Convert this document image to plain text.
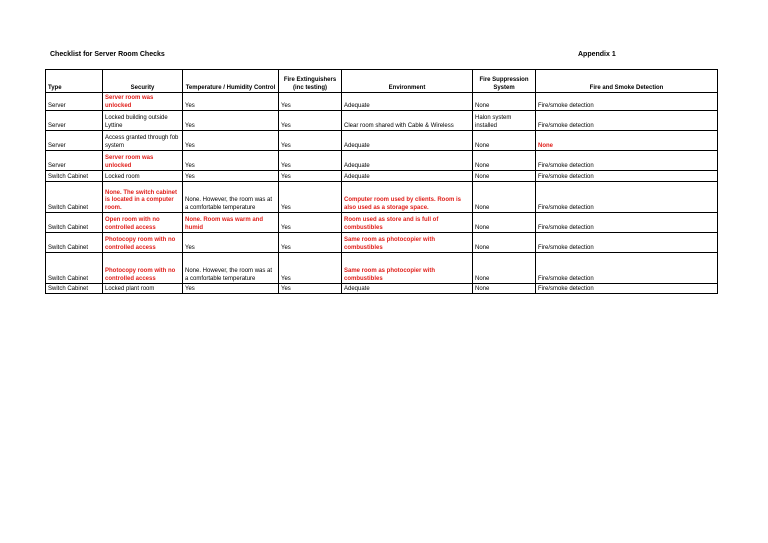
Checklist for Server Room Checks	Appendix 1
Type	Security	Temperature / Humidity Control	Fire Extinguishers (inc testing)	Environment	Fire Suppression System	Fire and Smoke Detection
Server	Server room was unlocked	Yes	Yes	Adequate	None	Fire/smoke detection
Server	Locked building outside Lyttine	Yes	Yes	Clear room shared with Cable & Wireless	Halon system installed	Fire/smoke detection
Server	Access granted through fob system	Yes	Yes	Adequate	None	None
Server	Server room was unlocked	Yes	Yes	Adequate	None	Fire/smoke detection
Switch Cabinet	Locked room	Yes	Yes	Adequate	None	Fire/smoke detection
Switch Cabinet	None. The switch cabinet is located in a computer room.	None. However, the room was at a comfortable temperature	Yes	Computer room used by clients. Room is also used as a storage space.	None	Fire/smoke detection
Switch Cabinet	Open room with no controlled access	None. Room was warm and humid	Yes	Room used as store and is full of combustibles	None	Fire/smoke detection
Switch Cabinet	Photocopy room with no controlled access	Yes	Yes	Same room as photocopier with combustibles	None	Fire/smoke detection
Switch Cabinet	Photocopy room with no controlled access	None. However, the room was at a comfortable temperature	Yes	Same room as photocopier with combustibles	None	Fire/smoke detection
Switch Cabinet	Locked plant room	Yes	Yes	Adequate	None	Fire/smoke detection
